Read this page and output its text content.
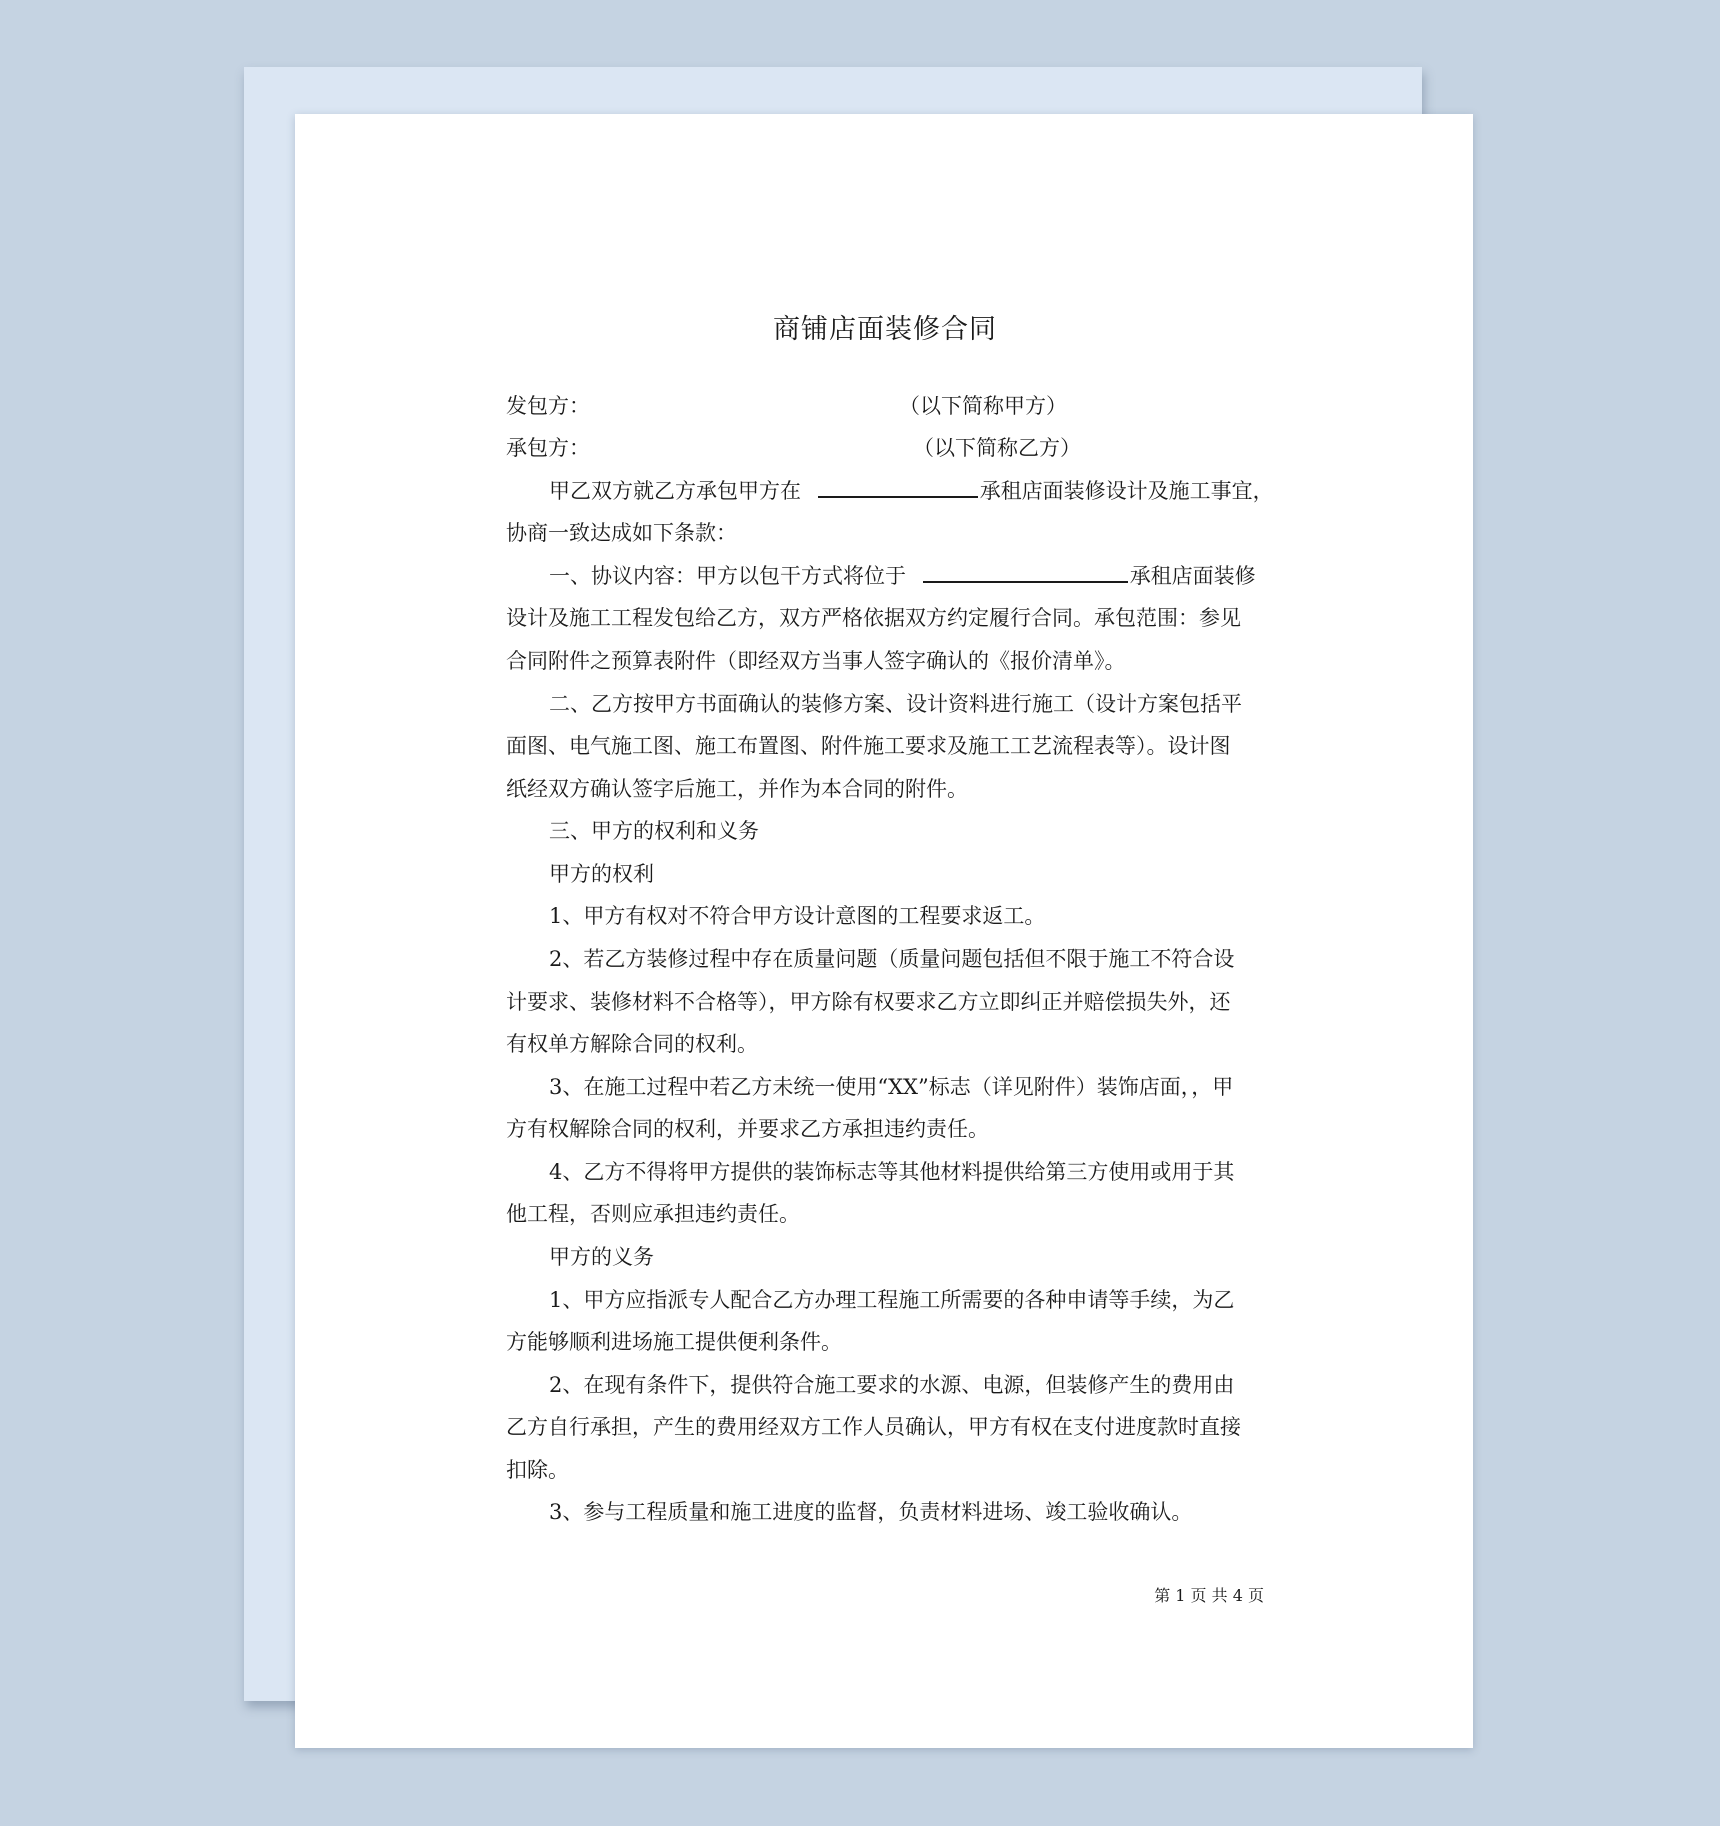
商铺店面装修合同
发包方：	（以下简称甲方）
承包方：	（以下简称乙方）
甲乙双方就乙方承包甲方在	承租店面装修设计及施工事宜，
协商一致达成如下条款：
一、协议内容：甲方以包干方式将位于	承租店面装修
设计及施工工程发包给乙方，双方严格依据双方约定履行合同。承包范围：参见
合同附件之预算表附件（即经双方当事人签字确认的《报价清单》。
二、乙方按甲方书面确认的装修方案、设计资料进行施工（设计方案包括平
面图、电气施工图、施工布置图、附件施工要求及施工工艺流程表等）。设计图
纸经双方确认签字后施工，并作为本合同的附件。
三、甲方的权利和义务
甲方的权利
1、甲方有权对不符合甲方设计意图的工程要求返工。
2、若乙方装修过程中存在质量问题（质量问题包括但不限于施工不符合设
计要求、装修材料不合格等），甲方除有权要求乙方立即纠正并赔偿损失外，还
有权单方解除合同的权利。
3、在施工过程中若乙方未统一使用“XX”标志（详见附件）装饰店面，，甲
方有权解除合同的权利，并要求乙方承担违约责任。
4、乙方不得将甲方提供的装饰标志等其他材料提供给第三方使用或用于其
他工程，否则应承担违约责任。
甲方的义务
1、甲方应指派专人配合乙方办理工程施工所需要的各种申请等手续，为乙
方能够顺利进场施工提供便利条件。
2、在现有条件下，提供符合施工要求的水源、电源，但装修产生的费用由
乙方自行承担，产生的费用经双方工作人员确认，甲方有权在支付进度款时直接
扣除。
3、参与工程质量和施工进度的监督，负责材料进场、竣工验收确认。
第 1 页 共 4 页
